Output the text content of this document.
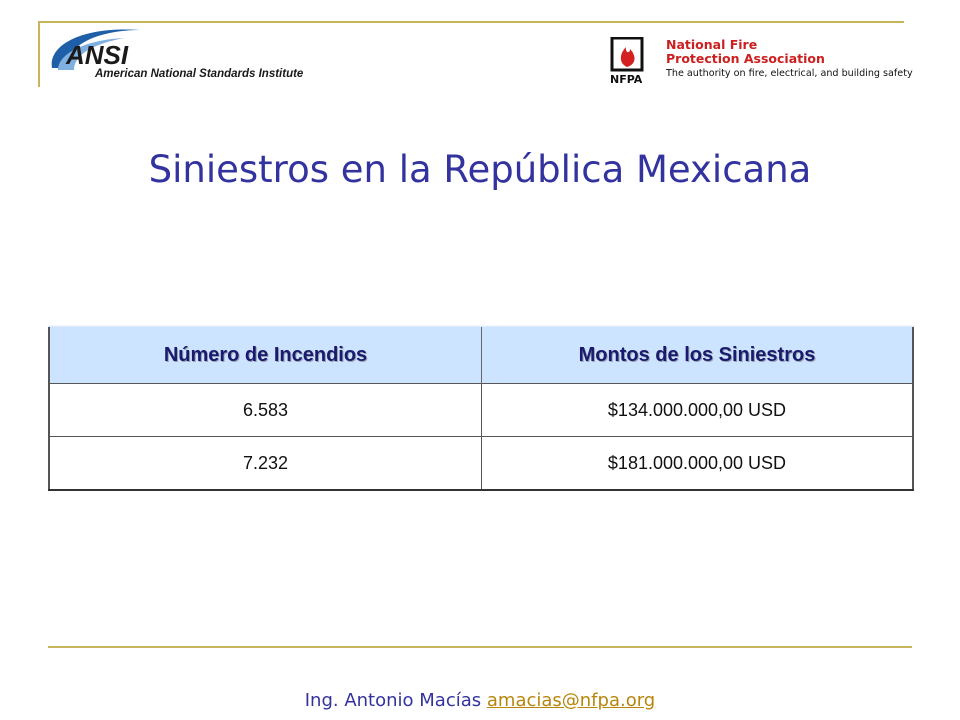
ANSI
American National Standards Institute	NFPA
National Fire
Protection Association
The authority on fire, electrical, and building safety
Siniestros en la República Mexicana
Número de Incendios	Montos de los Siniestros
6.583	$134.000.000,00 USD
7.232	$181.000.000,00 USD
Ing. Antonio Macías amacias@nfpa.org
